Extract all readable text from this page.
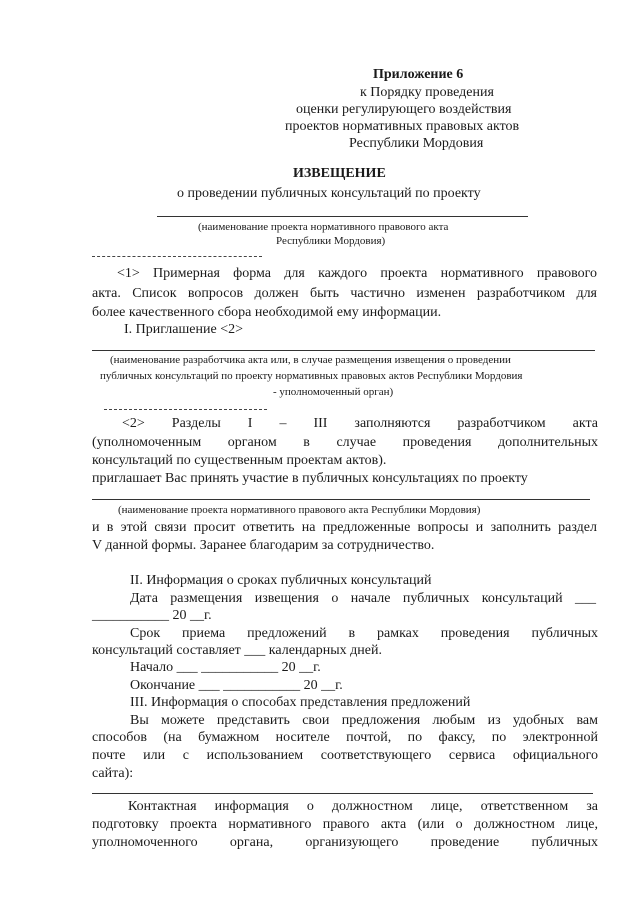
Приложение 6
к Порядку проведения
оценки регулирующего воздействия
проектов нормативных правовых актов
Республики Мордовия
ИЗВЕЩЕНИЕ
о проведении публичных консультаций по проекту
(наименование проекта нормативного правового акта
Республики Мордовия)
<1> Примерная форма для каждого проекта нормативного правового
акта. Список вопросов должен быть частично изменен разработчиком для
более качественного сбора необходимой ему информации.
I. Приглашение <2>
(наименование разработчика акта или, в случае размещения извещения о проведении
публичных консультаций по проекту нормативных правовых актов Республики Мордовия
- уполномоченный орган)
<2> Разделы I – III заполняются разработчиком акта
(уполномоченным органом в случае проведения дополнительных
консультаций по существенным проектам актов).
приглашает Вас принять участие в публичных консультациях по проекту
(наименование проекта нормативного правового акта Республики Мордовия)
и в этой связи просит ответить на предложенные вопросы и заполнить раздел
V данной формы. Заранее благодарим за сотрудничество.
II. Информация о сроках публичных консультаций
Дата размещения извещения о начале публичных консультаций ___
___________ 20 __г.
Срок приема предложений в рамках проведения публичных
консультаций составляет ___ календарных дней.
Начало ___ ___________ 20 __г.
Окончание ___ ___________ 20 __г.
III. Информация о способах представления предложений
Вы можете представить свои предложения любым из удобных вам
способов (на бумажном носителе почтой, по факсу, по электронной
почте или с использованием соответствующего сервиса официального
сайта):
Контактная информация о должностном лице, ответственном за
подготовку проекта нормативного правого акта (или о должностном лице,
уполномоченного органа, организующего проведение публичных
